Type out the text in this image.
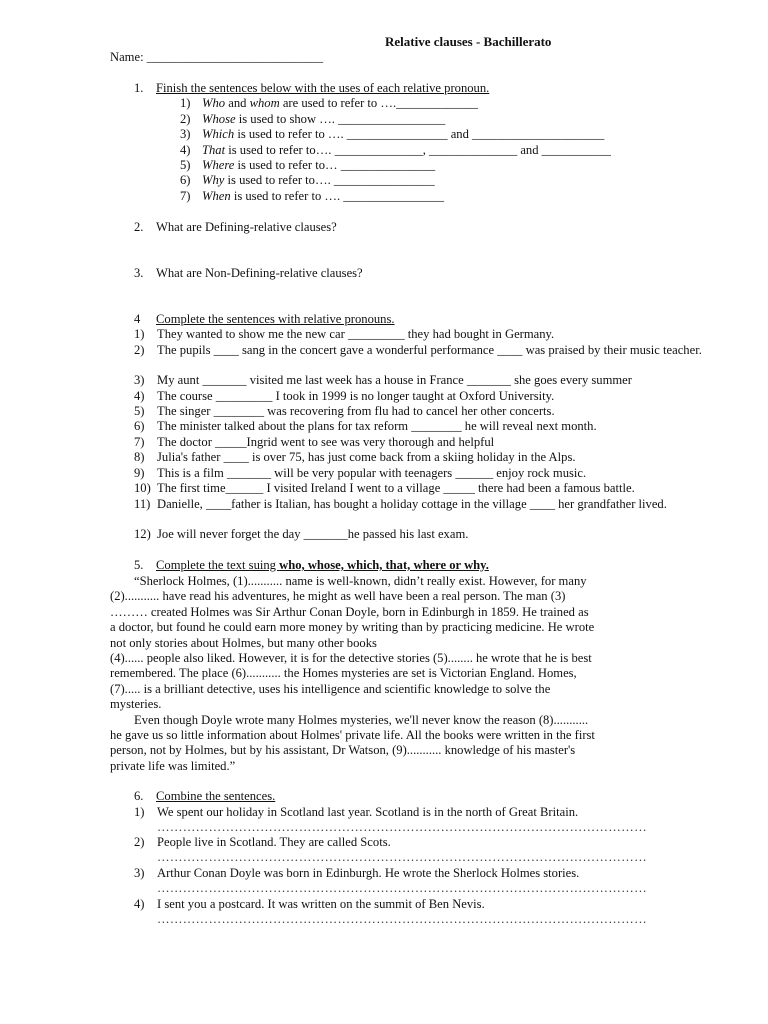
Relative clauses - Bachillerato
Name: ____________________________
1. Finish the sentences below with the uses of each relative pronoun.
1) Who and whom are used to refer to …._____________
2) Whose is used to show …. _________________
3) Which is used to refer to …. ________________ and _____________________
4) That is used to refer to…. ______________, ______________ and ___________
5) Where is used to refer to… _______________
6) Why is used to refer to…. ________________
7) When is used to refer to …. ________________
2. What are Defining-relative clauses?
3. What are Non-Defining-relative clauses?
4 Complete the sentences with relative pronouns.
1) They wanted to show me the new car _________ they had bought in Germany.
2) The pupils ____ sang in the concert gave a wonderful performance ____ was praised by their music teacher.
3) My aunt _______ visited me last week has a house in France _______ she goes every summer
4) The course _________ I took in 1999 is no longer taught at Oxford University.
5) The singer ________ was recovering from flu had to cancel her other concerts.
6) The minister talked about the plans for tax reform ________ he will reveal next month.
7) The doctor _____Ingrid went to see was very thorough and helpful
8) Julia's father ____ is over 75, has just come back from a skiing holiday in the Alps.
9) This is a film _______ will be very popular with teenagers ______ enjoy rock music.
10) The first time______ I visited Ireland I went to a village _____ there had been a famous battle.
11) Danielle, ____father is Italian, has bought a holiday cottage in the village ____ her grandfather lived.
12) Joe will never forget the day _______he passed his last exam.
5. Complete the text suing who, whose, which, that, where or why.
“Sherlock Holmes, (1)........... name is well-known, didn’t really exist. However, for many
(2)........... have read his adventures, he might as well have been a real person. The man (3)
……… created Holmes was Sir Arthur Conan Doyle, born in Edinburgh in 1859. He trained as
a doctor, but found he could earn more money by writing than by practicing medicine. He wrote
not only stories about Holmes, but many other books
(4)...... people also liked. However, it is for the detective stories (5)........ he wrote that he is best
remembered. The place (6)........... the Homes mysteries are set is Victorian England. Homes,
(7)..... is a brilliant detective, uses his intelligence and scientific knowledge to solve the
mysteries.
Even though Doyle wrote many Holmes mysteries, we'll never know the reason (8)...........
he gave us so little information about Holmes' private life. All the books were written in the first
person, not by Holmes, but by his assistant, Dr Watson, (9)........... knowledge of his master's
private life was limited.”
6. Combine the sentences.
1) We spent our holiday in Scotland last year. Scotland is in the north of Great Britain.
……………………………………………………………………………………………………
2) People live in Scotland. They are called Scots.
……………………………………………………………………………………………………
3) Arthur Conan Doyle was born in Edinburgh. He wrote the Sherlock Holmes stories.
……………………………………………………………………………………………………
4) I sent you a postcard. It was written on the summit of Ben Nevis.
……………………………………………………………………………………………………
